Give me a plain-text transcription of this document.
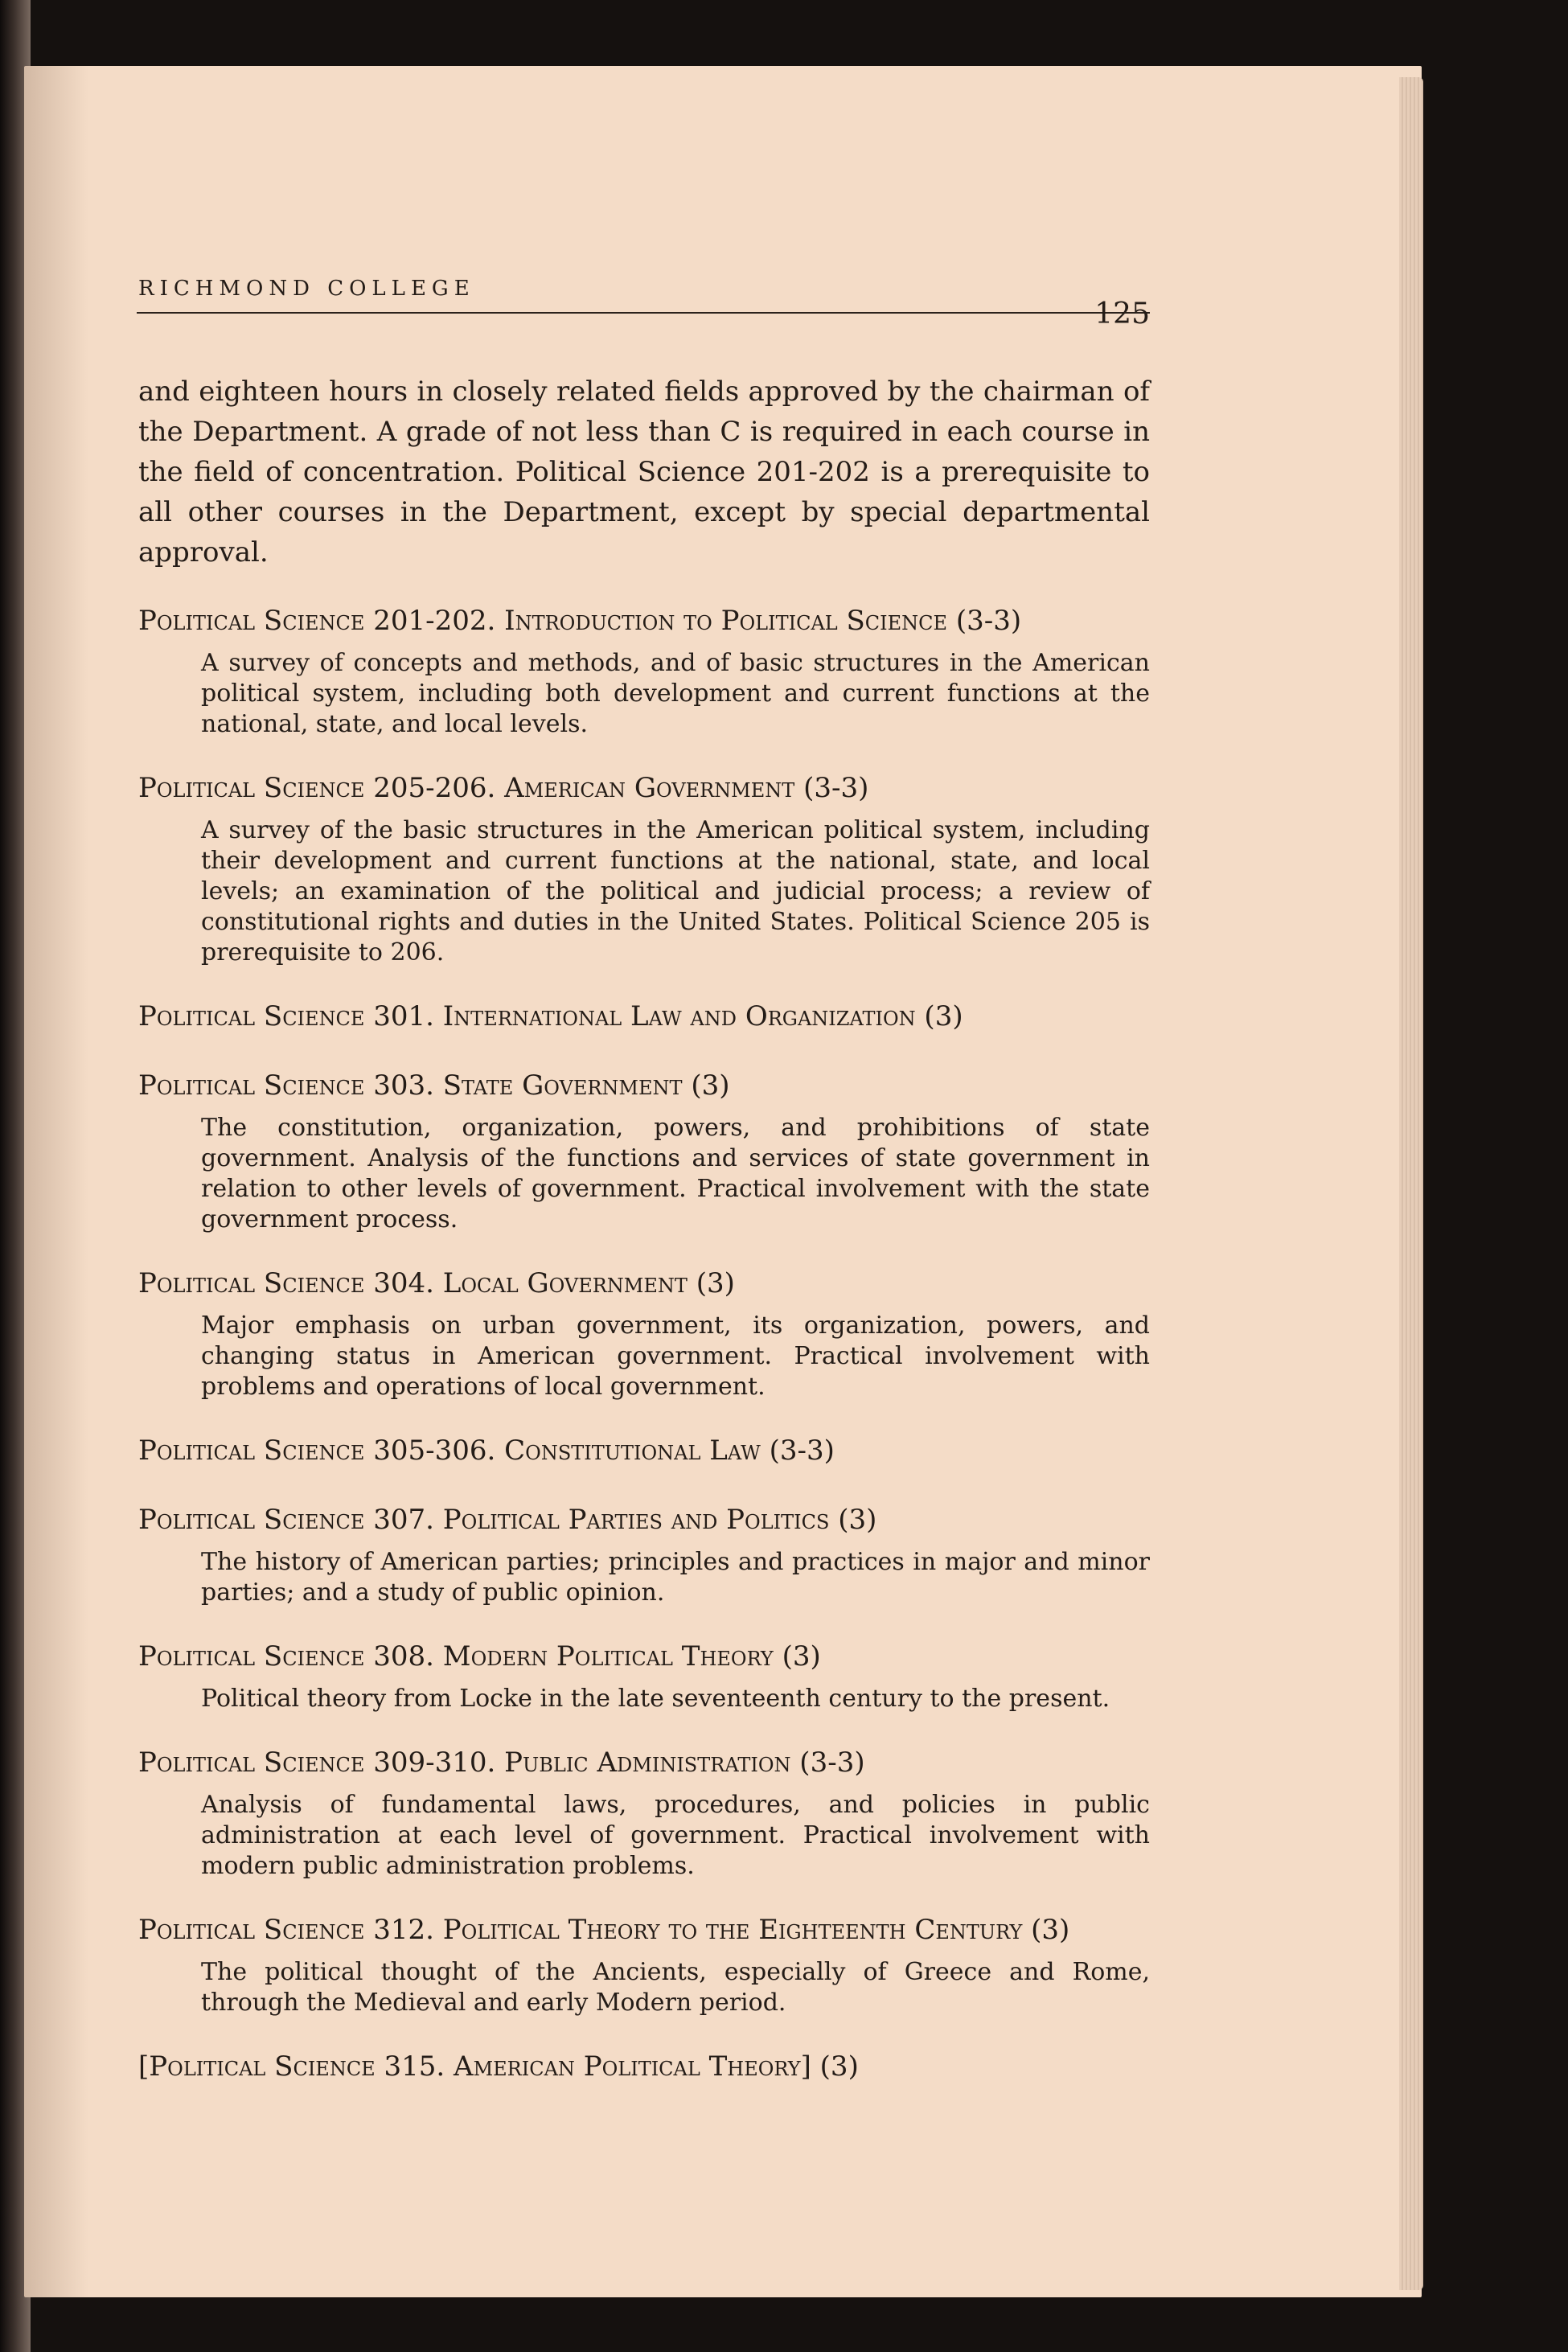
RICHMOND COLLEGE
125

and eighteen hours in closely related fields approved by the chairman of the Department. A grade of not less than C is required in each course in the field of concentration. Political Science 201-202 is a prerequisite to all other courses in the Department, except by special departmental approval.

Political Science 201-202. Introduction to Political Science (3-3)
A survey of concepts and methods, and of basic structures in the American political system, including both development and current functions at the national, state, and local levels.
Political Science 205-206. American Government (3-3)
A survey of the basic structures in the American political system, including their development and current functions at the national, state, and local levels; an examination of the political and judicial process; a review of constitutional rights and duties in the United States. Political Science 205 is prerequisite to 206.
Political Science 301. International Law and Organization (3)
Political Science 303. State Government (3)
The constitution, organization, powers, and prohibitions of state government. Analysis of the functions and services of state government in relation to other levels of government. Practical involvement with the state government process.
Political Science 304. Local Government (3)
Major emphasis on urban government, its organization, powers, and changing status in American government. Practical involvement with problems and operations of local government.
Political Science 305-306. Constitutional Law (3-3)
Political Science 307. Political Parties and Politics (3)
The history of American parties; principles and practices in major and minor parties; and a study of public opinion.
Political Science 308. Modern Political Theory (3)
Political theory from Locke in the late seventeenth century to the present.
Political Science 309-310. Public Administration (3-3)
Analysis of fundamental laws, procedures, and policies in public administration at each level of government. Practical involvement with modern public administration problems.
Political Science 312. Political Theory to the Eighteenth Century (3)
The political thought of the Ancients, especially of Greece and Rome, through the Medieval and early Modern period.
[Political Science 315. American Political Theory] (3)
